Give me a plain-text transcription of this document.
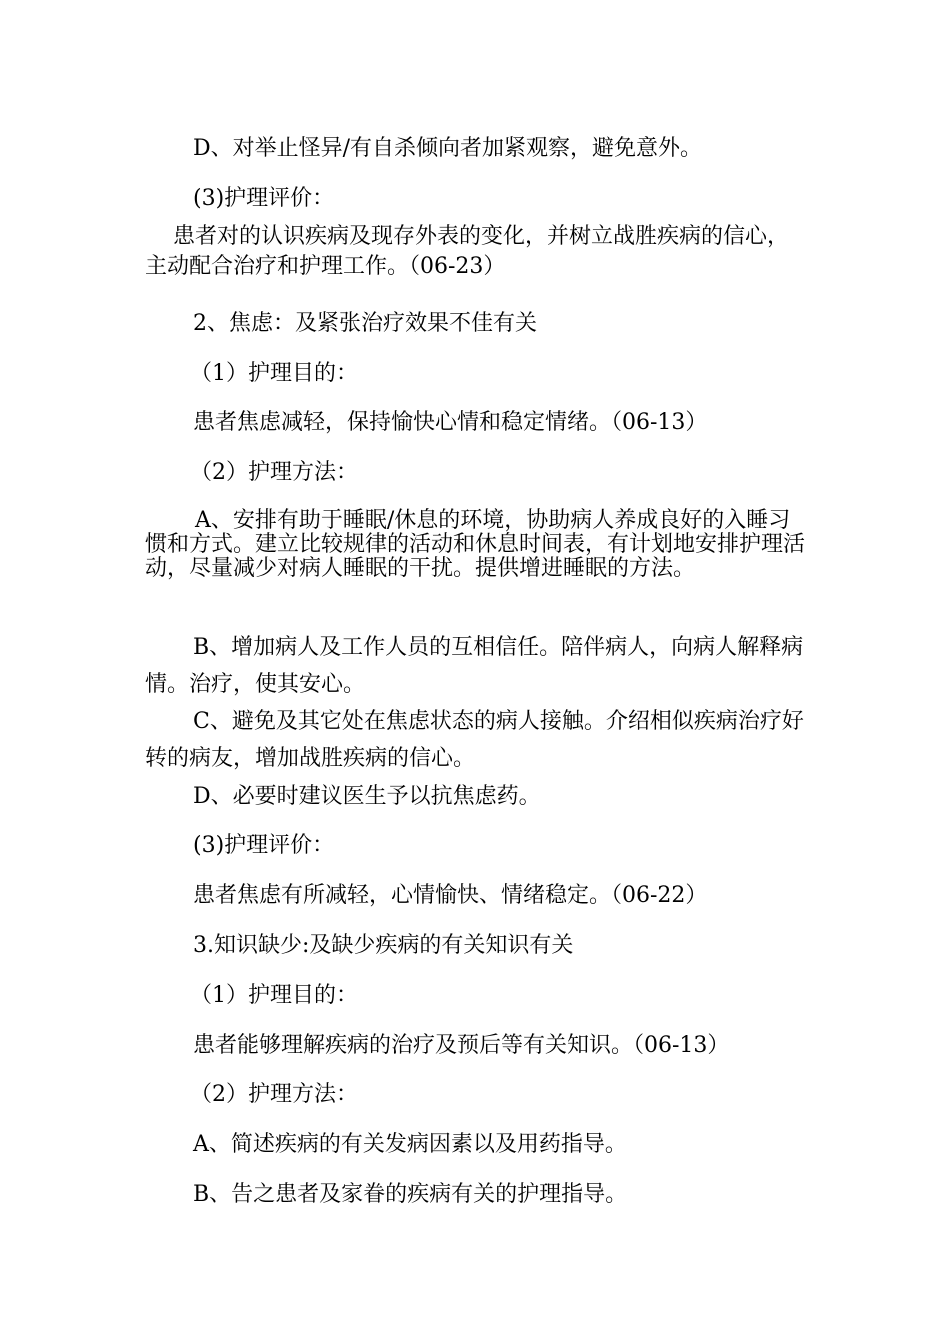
D、对举止怪异/有自杀倾向者加紧观察，避免意外。
(3)护理评价：
患者对的认识疾病及现存外表的变化，并树立战胜疾病的信心，主动配合治疗和护理工作。（06-23）
2、焦虑：及紧张治疗效果不佳有关
（1）护理目的：
患者焦虑减轻，保持愉快心情和稳定情绪。（06-13）
（2）护理方法：
A、安排有助于睡眠/休息的环境，协助病人养成良好的入睡习惯和方式。建立比较规律的活动和休息时间表，有计划地安排护理活动，尽量减少对病人睡眠的干扰。提供增进睡眠的方法。
B、增加病人及工作人员的互相信任。陪伴病人，向病人解释病情。治疗，使其安心。
C、避免及其它处在焦虑状态的病人接触。介绍相似疾病治疗好转的病友，增加战胜疾病的信心。
D、必要时建议医生予以抗焦虑药。
(3)护理评价：
患者焦虑有所减轻，心情愉快、情绪稳定。（06-22）
3.知识缺少:及缺少疾病的有关知识有关
（1）护理目的：
患者能够理解疾病的治疗及预后等有关知识。（06-13）
（2）护理方法：
A、简述疾病的有关发病因素以及用药指导。
B、告之患者及家眷的疾病有关的护理指导。
